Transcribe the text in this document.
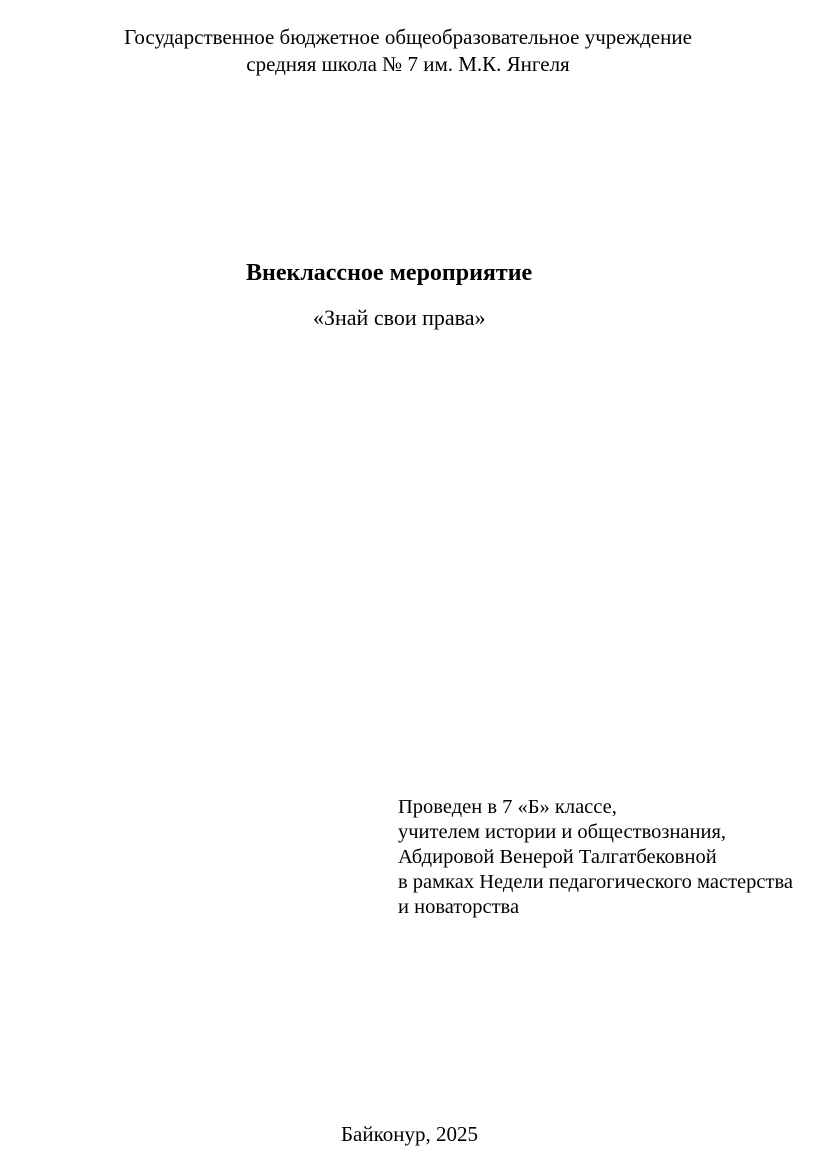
Государственное бюджетное общеобразовательное учреждение
средняя школа № 7 им. М.К. Янгеля
Внеклассное мероприятие
«Знай свои права»
Проведен в 7 «Б» классе,
учителем истории и обществознания,
Абдировой Венерой Талгатбековной
в рамках Недели педагогического мастерства
и новаторства
Байконур, 2025
